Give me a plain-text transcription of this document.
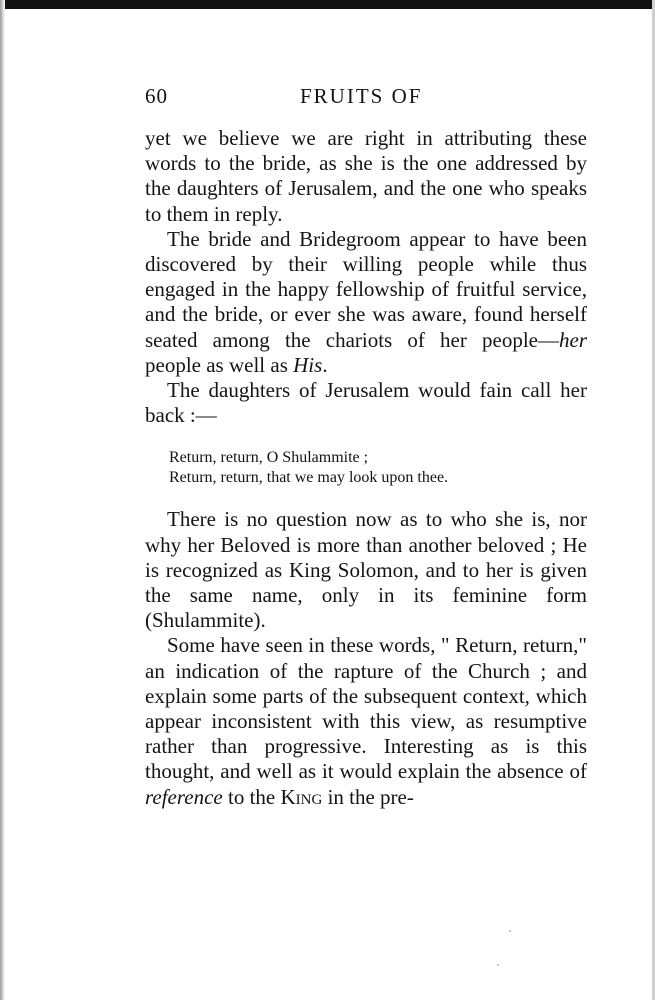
60	FRUITS OF

yet we believe we are right in attributing these words to the bride, as she is the one addressed by the daughters of Jerusalem, and the one who speaks to them in reply.

The bride and Bridegroom appear to have been discovered by their willing people while thus engaged in the happy fellowship of fruitful service, and the bride, or ever she was aware, found herself seated among the chariots of her people—her people as well as His.

The daughters of Jerusalem would fain call her back :—

Return, return, O Shulammite ;
Return, return, that we may look upon thee.

There is no question now as to who she is, nor why her Beloved is more than another beloved ; He is recognized as King Solomon, and to her is given the same name, only in its feminine form (Shulammite).

Some have seen in these words, " Return, return," an indication of the rapture of the Church ; and explain some parts of the subsequent context, which appear inconsistent with this view, as resumptive rather than progressive. Interesting as is this thought, and well as it would explain the absence of reference to the King in the pre-
